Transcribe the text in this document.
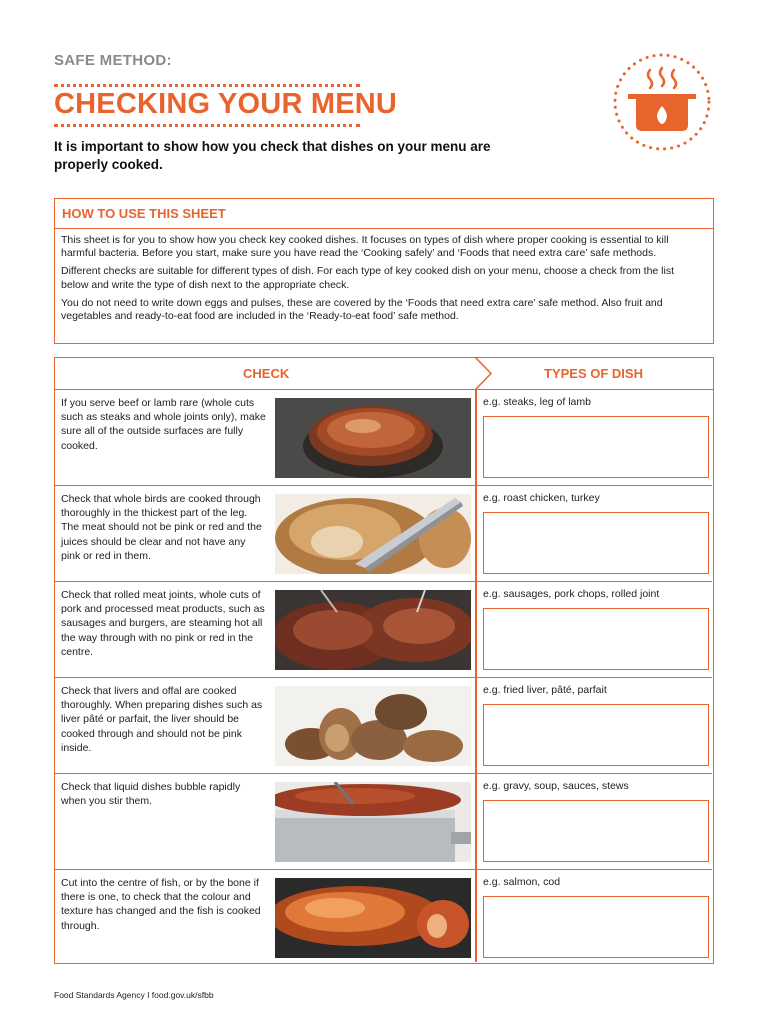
SAFE METHOD:
CHECKING YOUR MENU

It is important to show how you check that dishes on your menu are properly cooked.

HOW TO USE THIS SHEET

This sheet is for you to show how you check key cooked dishes. It focuses on types of dish where proper cooking is essential to kill harmful bacteria. Before you start, make sure you have read the ‘Cooking safely’ and ‘Foods that need extra care’ safe methods.

Different checks are suitable for different types of dish. For each type of key cooked dish on your menu, choose a check from the list below and write the type of dish next to the appropriate check.

You do not need to write down eggs and pulses, these are covered by the ‘Foods that need extra care’ safe method. Also fruit and vegetables and ready-to-eat food are included in the ‘Ready-to-eat food’ safe method.

CHECK	TYPES OF DISH
If you serve beef or lamb rare (whole cuts such as steaks and whole joints only), make sure all of the outside surfaces are fully cooked.
e.g. steaks, leg of lamb
Check that whole birds are cooked through thoroughly in the thickest part of the leg. The meat should not be pink or red and the juices should be clear and not have any pink or red in them.
e.g. roast chicken, turkey
Check that rolled meat joints, whole cuts of pork and processed meat products, such as sausages and burgers, are steaming hot all the way through with no pink or red in the centre.
e.g. sausages, pork chops, rolled joint
Check that livers and offal are cooked thoroughly. When preparing dishes such as liver pâté or parfait, the liver should be cooked through and should not be pink inside.
e.g. fried liver, pâté, parfait
Check that liquid dishes bubble rapidly when you stir them.
e.g. gravy, soup, sauces, stews
Cut into the centre of fish, or by the bone if there is one, to check that the colour and texture has changed and the fish is cooked through.
e.g. salmon, cod
Food Standards Agency I food.gov.uk/sfbb
